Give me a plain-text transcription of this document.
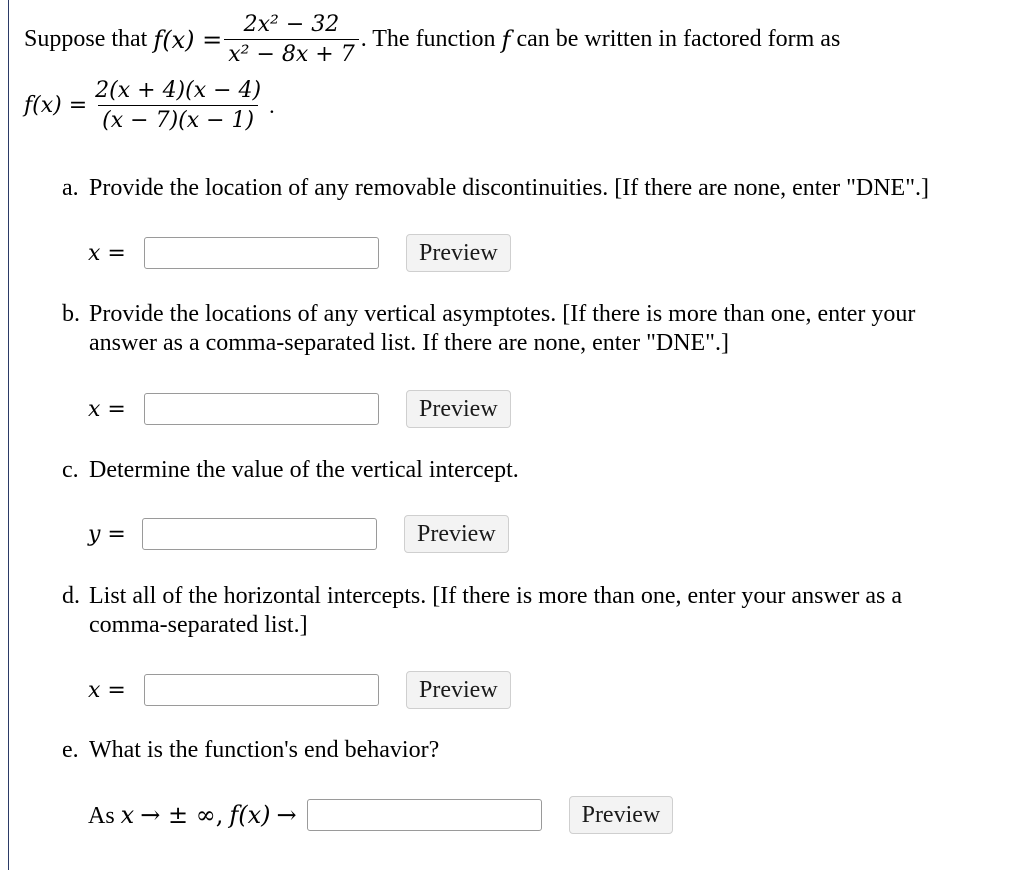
Suppose that
$f(x) = \frac{\text{2x² − 32}}{\text{x² − 8x + 7}}$ . The function
f
can be written in factored form as
$f(x) = \frac{2(x + 4)(x - 4)}{(x - 7)(x - 1)}$ .
a. Provide the location of any removable discontinuities. [If there are none, enter "DNE".]
x =	Preview
b. Provide the locations of any vertical asymptotes. [If there is more than one, enter your
answer as a comma-separated list. If there are none, enter "DNE".]
x =	Preview
c. Determine the value of the vertical intercept.
y =	Preview
d. List all of the horizontal intercepts. [If there is more than one, enter your answer as a
comma-separated list.]
x =	Preview
e. What is the function's end behavior?
As x → ± ∞, f(x) →	Preview
